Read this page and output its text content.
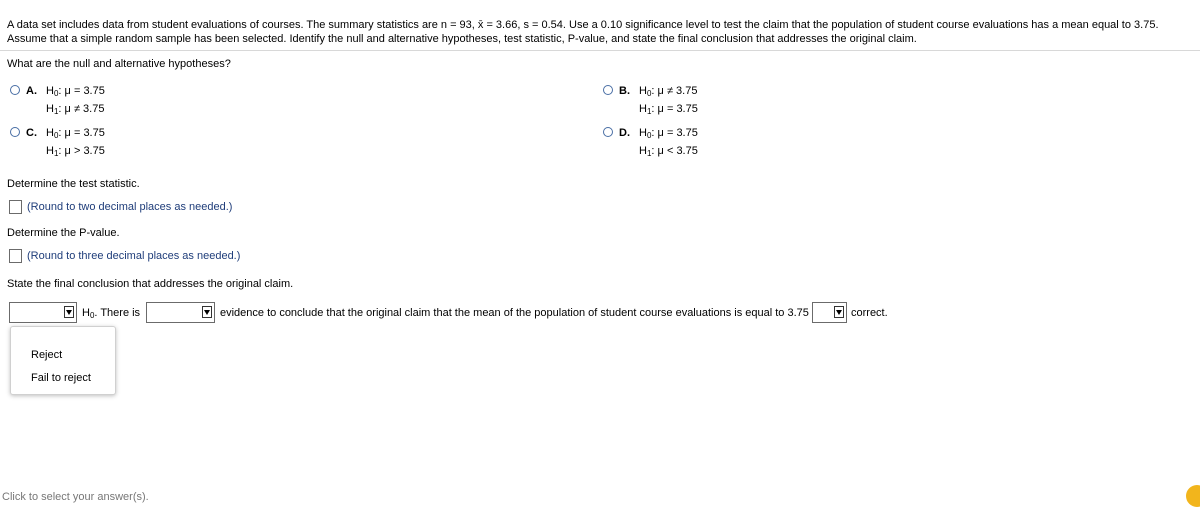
A data set includes data from student evaluations of courses. The summary statistics are n = 93, x̄ = 3.66, s = 0.54. Use a 0.10 significance level to test the claim that the population of student course evaluations has a mean equal to 3.75. Assume that a simple random sample has been selected. Identify the null and alternative hypotheses, test statistic, P-value, and state the final conclusion that addresses the original claim.
What are the null and alternative hypotheses?
A. $H_0$: μ = 3.75
$H_1$: μ ≠ 3.75
B. $H_0$: μ ≠ 3.75
$H_1$: μ = 3.75
C. $H_0$: μ = 3.75
$H_1$: μ > 3.75
D. $H_0$: μ = 3.75
$H_1$: μ < 3.75
Determine the test statistic.
(Round to two decimal places as needed.)
Determine the P-value.
(Round to three decimal places as needed.)
State the final conclusion that addresses the original claim.
$H_0$. There is	evidence to conclude that the original claim that the mean of the population of student course evaluations is equal to 3.75	correct.
Reject
Fail to reject
Click to select your answer(s).
